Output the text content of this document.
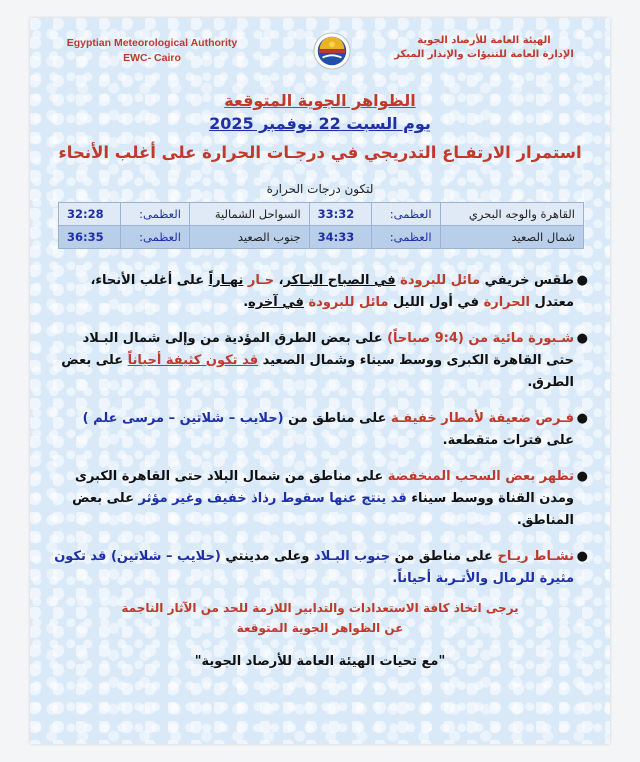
Egyptian Meteorological Authority
EWC- Cairo
الهيئة العامة للأرصاد الجوية
الإدارة العامة للتنبؤات والإنذار المبكر
الظواهر الجوية المتوقعة
يوم السبت 22 نوفمبر 2025
استمرار الارتفـاع التدريجي في درجـات الحرارة على أغلب الأنحاء
لتكون درجات الحرارة
القاهرة والوجه البحري	العظمى:	33:32	السواحل الشمالية	العظمى:	32:28
شمال الصعيد	العظمى:	34:33	جنوب الصعيد	العظمى:	36:35
●
طقس خريفي مائل للبرودة في الصباح البـاكر، حـار نهـاراً على أغلب الأنحاء، معتدل الحرارة في أول الليل مائل للبرودة في آخره.
●
شـبورة مائية من (9:4 صباحاً) على بعض الطرق المؤدية من وإلى شمال البـلاد حتى القاهرة الكبرى ووسط سيناء وشمال الصعيد قد تكون كثيفة أحياناً على بعض الطرق.
●
فـرص ضعيفة لأمطار خفيفـة على مناطق من (حلايب – شلاتين – مرسى علم ) على فترات متقطعة.
●
تظهر بعض السحب المنخفضة على مناطق من شمال البلاد حتى القاهرة الكبرى ومدن القناة ووسط سيناء قد ينتج عنها سقوط رذاذ خفيف وغير مؤثر على بعض المناطق.
●
نشـاط ريـاح على مناطق من جنوب البـلاد وعلى مدينتي (حلايب – شلاتين) قد تكون مثيرة للرمال والأتـربة أحياناً.
يرجى اتخاذ كافة الاستعدادات والتدابير اللازمة للحد من الآثار الناجمة
عن الظواهر الجوية المتوقعة
"مع تحيات الهيئة العامة للأرصاد الجوية"
